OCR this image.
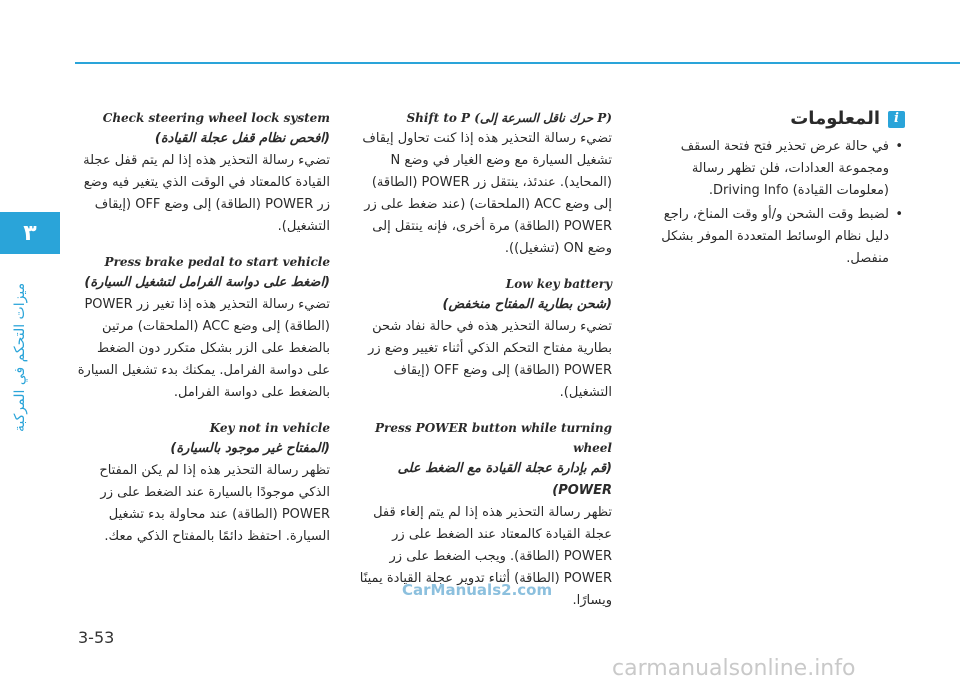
٣
ميزات التحكم في المركبة
i
المعلومات
• في حالة عرض تحذير فتح فتحة السقف ومجموعة العدادات، فلن تظهر رسالة (معلومات القيادة) Driving Info.
• لضبط وقت الشحن و/أو وقت المناخ، راجع دليل نظام الوسائط المتعددة الموفر بشكل منفصل.
Shift to P (حرك ناقل السرعة إلى P)
تضيء رسالة التحذير هذه إذا كنت تحاول إيقاف تشغيل السيارة مع وضع الغيار في وضع N (المحايد). عندئذ، ينتقل زر POWER (الطاقة) إلى وضع ACC (الملحقات) (عند ضغط على زر POWER (الطاقة) مرة أخرى، فإنه ينتقل إلى وضع ON (تشغيل)).
Low key battery
(شحن بطارية المفتاح منخفض)
تضيء رسالة التحذير هذه في حالة نفاد شحن بطارية مفتاح التحكم الذكي أثناء تغيير وضع زر POWER (الطاقة) إلى وضع OFF (إيقاف التشغيل).
Press POWER button while turning wheel
(قم بإدارة عجلة القيادة مع الضغط على POWER)
تظهر رسالة التحذير هذه إذا لم يتم إلغاء قفل عجلة القيادة كالمعتاد عند الضغط على زر POWER (الطاقة). ويجب الضغط على زر POWER (الطاقة) أثناء تدوير عجلة القيادة يمينًا ويسارًا.
Check steering wheel lock system
(افحص نظام قفل عجلة القيادة)
تضيء رسالة التحذير هذه إذا لم يتم قفل عجلة القيادة كالمعتاد في الوقت الذي يتغير فيه وضع زر POWER (الطاقة) إلى وضع OFF (إيقاف التشغيل).
Press brake pedal to start vehicle
(اضغط على دواسة الفرامل لتشغيل السيارة)
تضيء رسالة التحذير هذه إذا تغير زر POWER (الطاقة) إلى وضع ACC (الملحقات) مرتين بالضغط على الزر بشكل متكرر دون الضغط على دواسة الفرامل. يمكنك بدء تشغيل السيارة بالضغط على دواسة الفرامل.
Key not in vehicle
(المفتاح غير موجود بالسيارة)
تظهر رسالة التحذير هذه إذا لم يكن المفتاح الذكي موجودًا بالسيارة عند الضغط على زر POWER (الطاقة) عند محاولة بدء تشغيل السيارة. احتفظ دائمًا بالمفتاح الذكي معك.
3-53
CarManuals2.com
carmanualsonline.info
